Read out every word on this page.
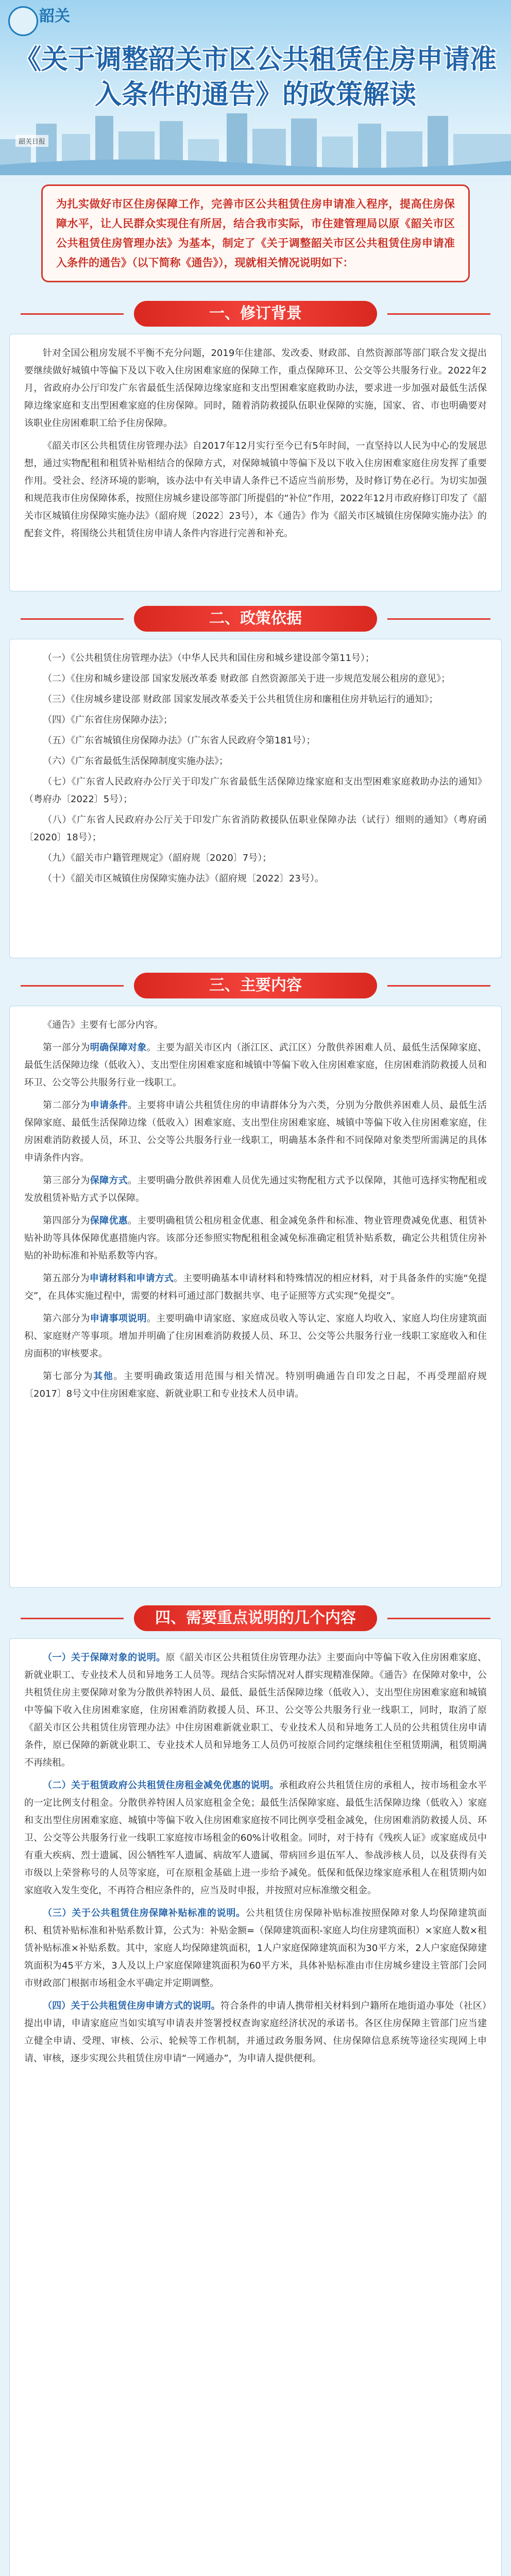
韶关
《关于调整韶关市区公共租赁住房申请准入条件的通告》的政策解读
韶关日报
为扎实做好市区住房保障工作，完善市区公共租赁住房申请准入程序，提高住房保障水平，让人民群众实现住有所居，结合我市实际，市住建管理局以原《韶关市区公共租赁住房管理办法》为基本，制定了《关于调整韶关市区公共租赁住房申请准入条件的通告》（以下简称《通告》），现就相关情况说明如下：
一、修订背景

针对全国公租房发展不平衡不充分问题，2019年住建部、发改委、财政部、自然资源部等部门联合发文提出要继续做好城镇中等偏下及以下收入住房困难家庭的保障工作，重点保障环卫、公交等公共服务行业。2022年2月，省政府办公厅印发广东省最低生活保障边缘家庭和支出型困难家庭救助办法，要求进一步加强对最低生活保障边缘家庭和支出型困难家庭的住房保障。同时，随着消防救援队伍职业保障的实施，国家、省、市也明确要对该职业住房困难职工给予住房保障。

《韶关市区公共租赁住房管理办法》自2017年12月实行至今已有5年时间，一直坚持以人民为中心的发展思想，通过实物配租和租赁补贴相结合的保障方式，对保障城镇中等偏下及以下收入住房困难家庭住房发挥了重要作用。受社会、经济环境的影响，该办法中有关申请人条件已不适应当前形势，及时修订势在必行。为切实加强和规范我市住房保障体系，按照住房城乡建设部等部门所提倡的“补位”作用，2022年12月市政府修订印发了《韶关市区城镇住房保障实施办法》（韶府规〔2022〕23号），本《通告》作为《韶关市区城镇住房保障实施办法》的配套文件，将围绕公共租赁住房申请人条件内容进行完善和补充。

二、政策依据

（一）《公共租赁住房管理办法》（中华人民共和国住房和城乡建设部令第11号）；

（二）《住房和城乡建设部 国家发展改革委 财政部 自然资源部关于进一步规范发展公租房的意见》；

（三）《住房城乡建设部 财政部 国家发展改革委关于公共租赁住房和廉租住房并轨运行的通知》；

（四）《广东省住房保障办法》；

（五）《广东省城镇住房保障办法》（广东省人民政府令第181号）；

（六）《广东省最低生活保障制度实施办法》；

（七）《广东省人民政府办公厅关于印发广东省最低生活保障边缘家庭和支出型困难家庭救助办法的通知》（粤府办〔2022〕5号）；

（八）《广东省人民政府办公厅关于印发广东省消防救援队伍职业保障办法（试行）细则的通知》（粤府函〔2020〕18号）；

（九）《韶关市户籍管理规定》（韶府规〔2020〕7号）；

（十）《韶关市区城镇住房保障实施办法》（韶府规〔2022〕23号）。

三、主要内容

《通告》主要有七部分内容。

第一部分为明确保障对象。主要为韶关市区内（浙江区、武江区）分散供养困难人员、最低生活保障家庭、最低生活保障边缘（低收入）、支出型住房困难家庭和城镇中等偏下收入住房困难家庭，住房困难消防救援人员和环卫、公交等公共服务行业一线职工。

第二部分为申请条件。主要将申请公共租赁住房的申请群体分为六类，分别为分散供养困难人员、最低生活保障家庭、最低生活保障边缘（低收入）困难家庭、支出型住房困难家庭、城镇中等偏下收入住房困难家庭，住房困难消防救援人员，环卫、公交等公共服务行业一线职工，明确基本条件和不同保障对象类型所需满足的具体申请条件内容。

第三部分为保障方式。主要明确分散供养困难人员优先通过实物配租方式予以保障，其他可选择实物配租或发放租赁补贴方式予以保障。

第四部分为保障优惠。主要明确租赁公租房租金优惠、租金减免条件和标准、物业管理费减免优惠、租赁补贴补助等具体保障优惠措施内容。该部分还参照实物配租租金减免标准确定租赁补贴系数，确定公共租赁住房补贴的补助标准和补贴系数等内容。

第五部分为申请材料和申请方式。主要明确基本申请材料和特殊情况的相应材料，对于具备条件的实施“免提交”，在具体实施过程中，需要的材料可通过部门数据共享、电子证照等方式实现“免提交”。

第六部分为申请事项说明。主要明确申请家庭、家庭成员收入等认定、家庭人均收入、家庭人均住房建筑面积、家庭财产等事项。增加并明确了住房困难消防救援人员、环卫、公交等公共服务行业一线职工家庭收入和住房面积的审核要求。

第七部分为其他。主要明确政策适用范围与相关情况。特别明确通告自印发之日起，不再受理韶府规〔2017〕8号文中住房困难家庭、新就业职工和专业技术人员申请。

四、需要重点说明的几个内容

（一）关于保障对象的说明。原《韶关市区公共租赁住房管理办法》主要面向中等偏下收入住房困难家庭、新就业职工、专业技术人员和异地务工人员等。现结合实际情况对人群实现精准保障。《通告》在保障对象中，公共租赁住房主要保障对象为分散供养特困人员、最低、最低生活保障边缘（低收入）、支出型住房困难家庭和城镇中等偏下收入住房困难家庭，住房困难消防救援人员、环卫、公交等公共服务行业一线职工，同时，取消了原《韶关市区公共租赁住房管理办法》中住房困难新就业职工、专业技术人员和异地务工人员的公共租赁住房申请条件，原已保障的新就业职工、专业技术人员和异地务工人员仍可按原合同约定继续租住至租赁期满，租赁期满不再续租。

（二）关于租赁政府公共租赁住房租金减免优惠的说明。承租政府公共租赁住房的承租人，按市场租金水平的一定比例支付租金。分散供养特困人员家庭租金全免；最低生活保障家庭、最低生活保障边缘（低收入）家庭和支出型住房困难家庭、城镇中等偏下收入住房困难家庭按不同比例享受租金减免，住房困难消防救援人员、环卫、公交等公共服务行业一线职工家庭按市场租金的60%计收租金。同时，对于持有《残疾人证》或家庭成员中有重大疾病、烈士遗属、因公牺牲军人遗属、病故军人遗属、带病回乡退伍军人、参战涉核人员，以及获得有关市级以上荣誉称号的人员等家庭，可在原租金基础上进一步给予减免。低保和低保边缘家庭承租人在租赁期内如家庭收入发生变化，不再符合相应条件的，应当及时申报，并按照对应标准缴交租金。

（三）关于公共租赁住房保障补贴标准的说明。公共租赁住房保障补贴标准按照保障对象人均保障建筑面积、租赁补贴标准和补贴系数计算，公式为：补贴金额=（保障建筑面积-家庭人均住房建筑面积）×家庭人数×租赁补贴标准×补贴系数。其中，家庭人均保障建筑面积，1人户家庭保障建筑面积为30平方米，2人户家庭保障建筑面积为45平方米，3人及以上户家庭保障建筑面积为60平方米，具体补贴标准由市住房城乡建设主管部门会同市财政部门根据市场租金水平确定并定期调整。

（四）关于公共租赁住房申请方式的说明。符合条件的申请人携带相关材料到户籍所在地街道办事处（社区）提出申请，申请家庭应当如实填写申请表并签署授权查询家庭经济状况的承诺书。各区住房保障主管部门应当建立健全申请、受理、审核、公示、轮候等工作机制，并通过政务服务网、住房保障信息系统等途径实现网上申请、审核，逐步实现公共租赁住房申请“一网通办”，为申请人提供便利。
